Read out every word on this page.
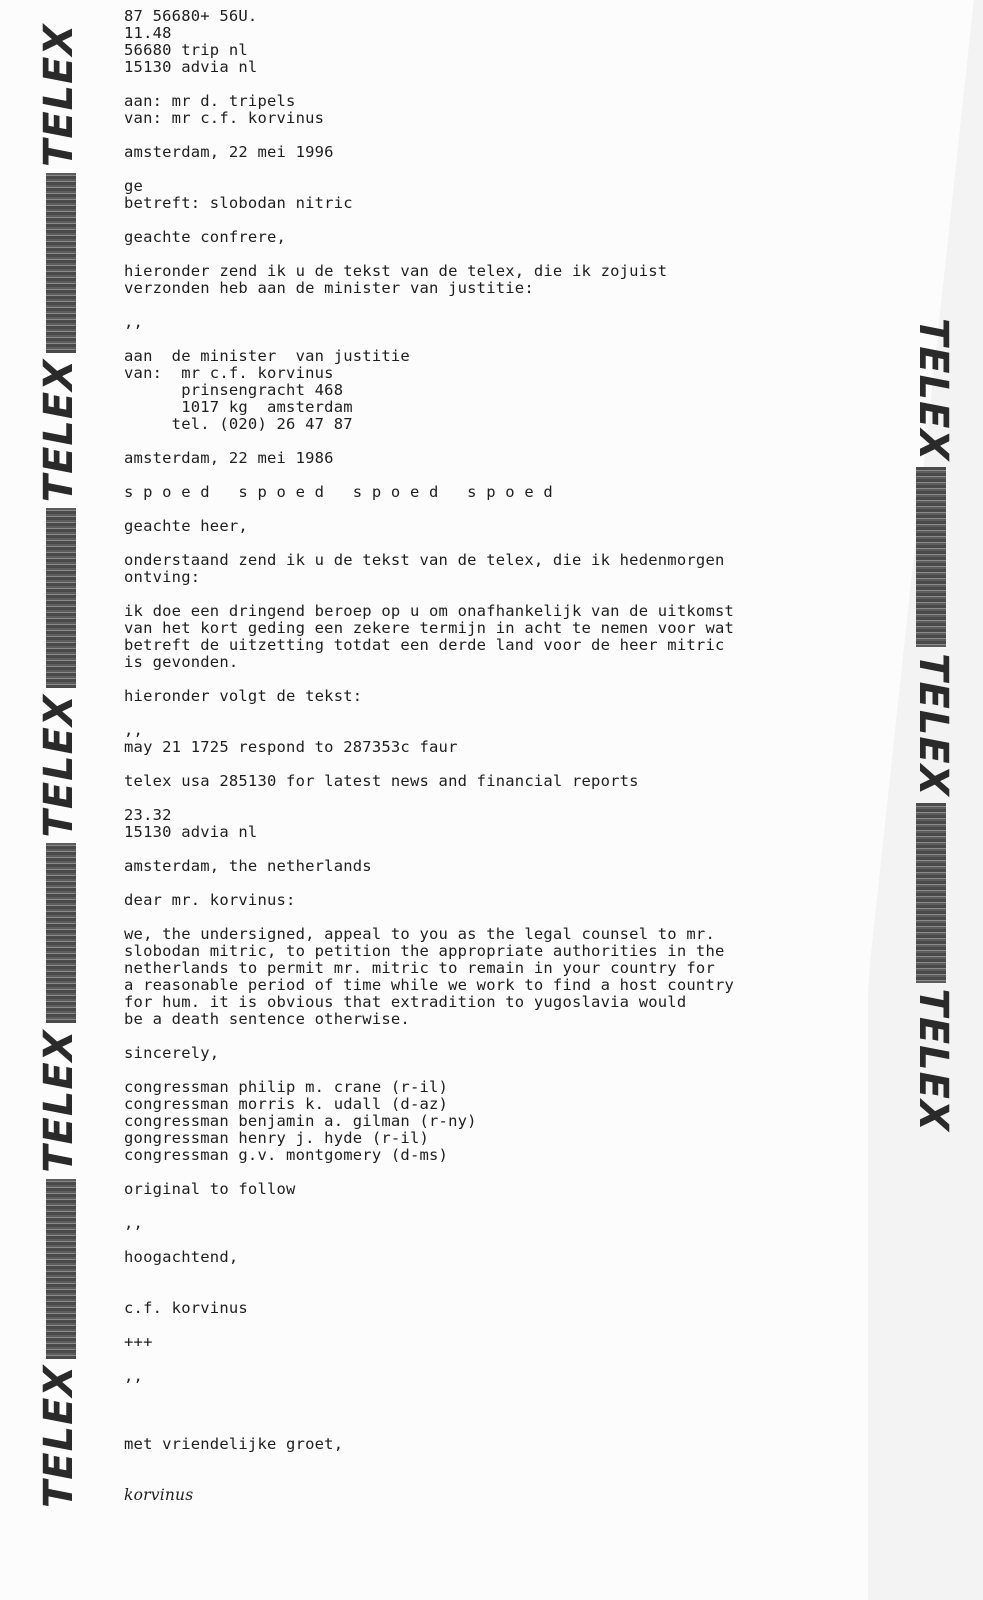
TELEXTELEXTELEXTELEXTELEX
TELEXTELEXTELEX
87 56680+ 56U.
11.48
56680 trip nl
15130 advia nl
aan: mr d. tripels
van: mr c.f. korvinus
amsterdam, 22 mei 1996
ge
betreft: slobodan nitric
geachte confrere,
hieronder zend ik u de tekst van de telex, die ik zojuist
verzonden heb aan de minister van justitie:
,,
aan  de minister  van justitie
van:  mr c.f. korvinus
prinsengracht 468
1017 kg  amsterdam
tel. (020) 26 47 87
amsterdam, 22 mei 1986
s p o e d   s p o e d   s p o e d   s p o e d
geachte heer,
onderstaand zend ik u de tekst van de telex, die ik hedenmorgen
ontving:
ik doe een dringend beroep op u om onafhankelijk van de uitkomst
van het kort geding een zekere termijn in acht te nemen voor wat
betreft de uitzetting totdat een derde land voor de heer mitric
is gevonden.
hieronder volgt de tekst:
,,
may 21 1725 respond to 287353c faur
telex usa 285130 for latest news and financial reports
23.32
15130 advia nl
amsterdam, the netherlands
dear mr. korvinus:
we, the undersigned, appeal to you as the legal counsel to mr.
slobodan mitric, to petition the appropriate authorities in the
netherlands to permit mr. mitric to remain in your country for
a reasonable period of time while we work to find a host country
for hum. it is obvious that extradition to yugoslavia would
be a death sentence otherwise.
sincerely,
congressman philip m. crane (r-il)
congressman morris k. udall (d-az)
congressman benjamin a. gilman (r-ny)
gongressman henry j. hyde (r-il)
congressman g.v. montgomery (d-ms)
original to follow
,,
hoogachtend,
c.f. korvinus
+++
,,
met vriendelijke groet,
korvinus
